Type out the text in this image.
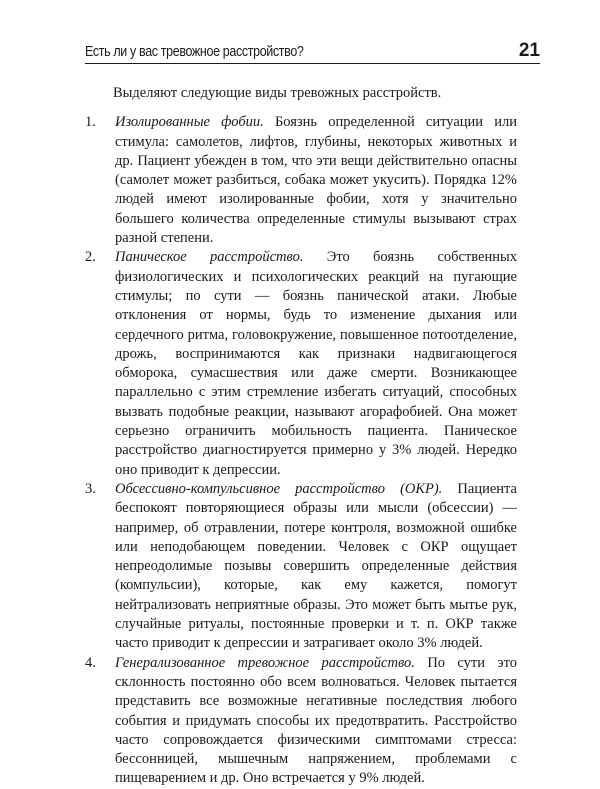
Есть ли у вас тревожное расстройство?	21

Выделяют следующие виды тревожных расстройств.

1.	Изолированные фобии. Боязнь определенной ситуации или стимула: самолетов, лифтов, глубины, некоторых животных и др. Пациент убежден в том, что эти вещи действительно опасны (самолет может разбиться, собака может укусить). Порядка 12% людей имеют изолированные фобии, хотя у значительно большего количества определенные стимулы вызывают страх разной степени.
2.	Паническое расстройство. Это боязнь собственных физиологических и психологических реакций на пугающие стимулы; по сути — боязнь панической атаки. Любые отклонения от нормы, будь то изменение дыхания или сердечного ритма, головокружение, повышенное потоотделение, дрожь, воспринимаются как признаки надвигающегося обморока, сумасшествия или даже смерти. Возникающее параллельно с этим стремление избегать ситуаций, способных вызвать подобные реакции, называют агорафобией. Она может серьезно ограничить мобильность пациента. Паническое расстройство диагностируется примерно у 3% людей. Нередко оно приводит к депрессии.
3.	Обсессивно-компульсивное расстройство (ОКР). Пациента беспокоят повторяющиеся образы или мысли (обсессии) — например, об отравлении, потере контроля, возможной ошибке или неподобающем поведении. Человек с ОКР ощущает непреодолимые позывы совершить определенные действия (компульсии), которые, как ему кажется, помогут нейтрализовать неприятные образы. Это может быть мытье рук, случайные ритуалы, постоянные проверки и т. п. ОКР также часто приводит к депрессии и затрагивает около 3% людей.
4.	Генерализованное тревожное расстройство. По сути это склонность постоянно обо всем волноваться. Человек пытается представить все возможные негативные последствия любого события и придумать способы их предотвратить. Расстройство часто сопровождается физическими симптомами стресса: бессонницей, мышечным напряжением, проблемами с пищеварением и др. Оно встречается у 9% людей.
